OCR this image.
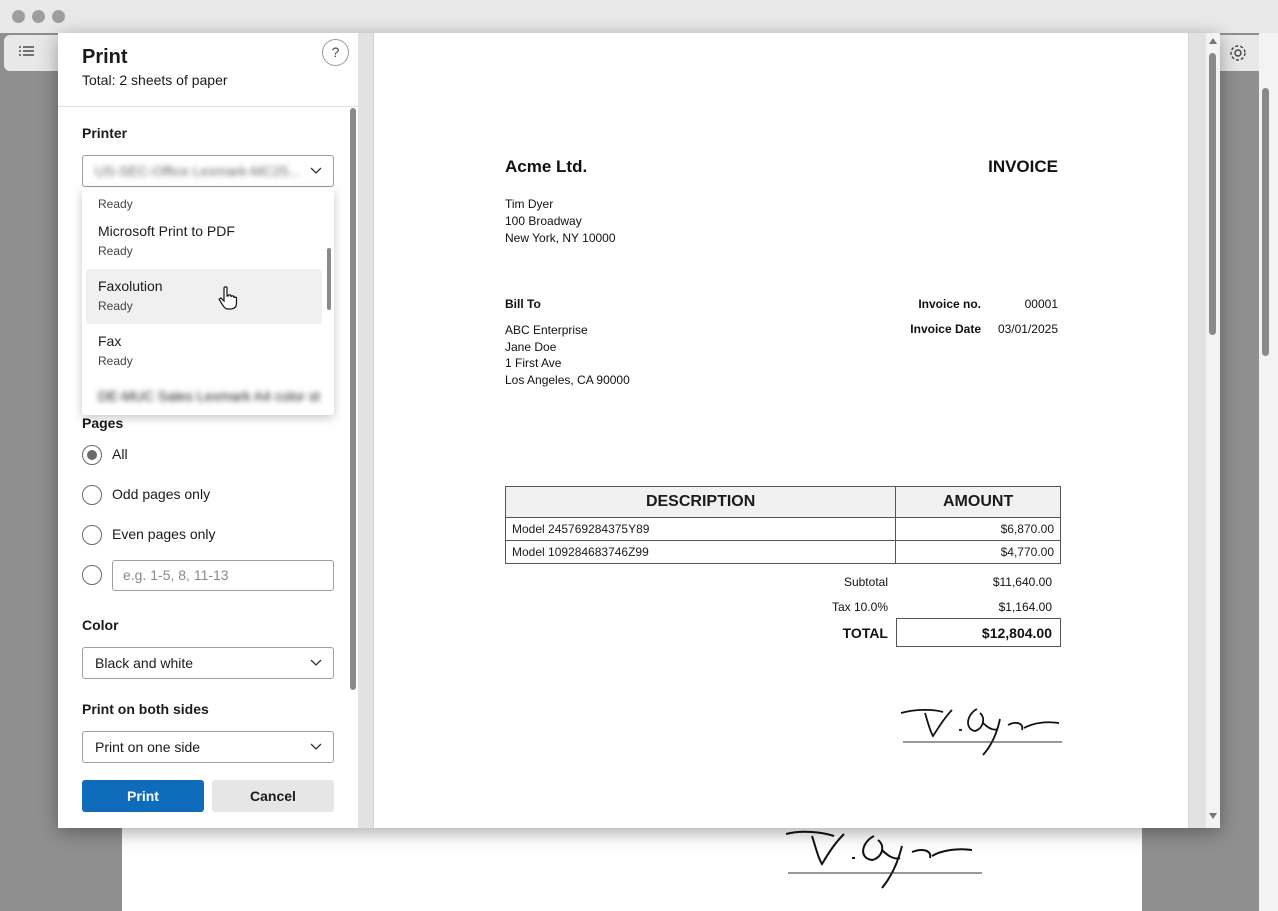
Print
Total: 2 sheets of paper
?
Printer
US-SEC-Office Lexmark-MC25...
Pages
All
Odd pages only
Even pages only
e.g. 1-5, 8, 11-13
Color
Black and white
Print on both sides
Print on one side
Ready
Microsoft Print to PDF
Ready
Faxolution
Ready
Fax
Ready
DE-MUC Sales Lexmark A4 color st
Print	Cancel
Acme Ltd.	INVOICE
Tim Dyer
100 Broadway
New York, NY 10000
Bill To
ABC Enterprise
Jane Doe
1 First Ave
Los Angeles, CA 90000
Invoice no.	00001
Invoice Date 03/01/2025
DESCRIPTION	AMOUNT
Model 245769284375Y89	$6,870.00
Model 109284683746Z99	$4,770.00
Subtotal	$11,640.00
Tax 10.0%	$1,164.00
TOTAL	$12,804.00
